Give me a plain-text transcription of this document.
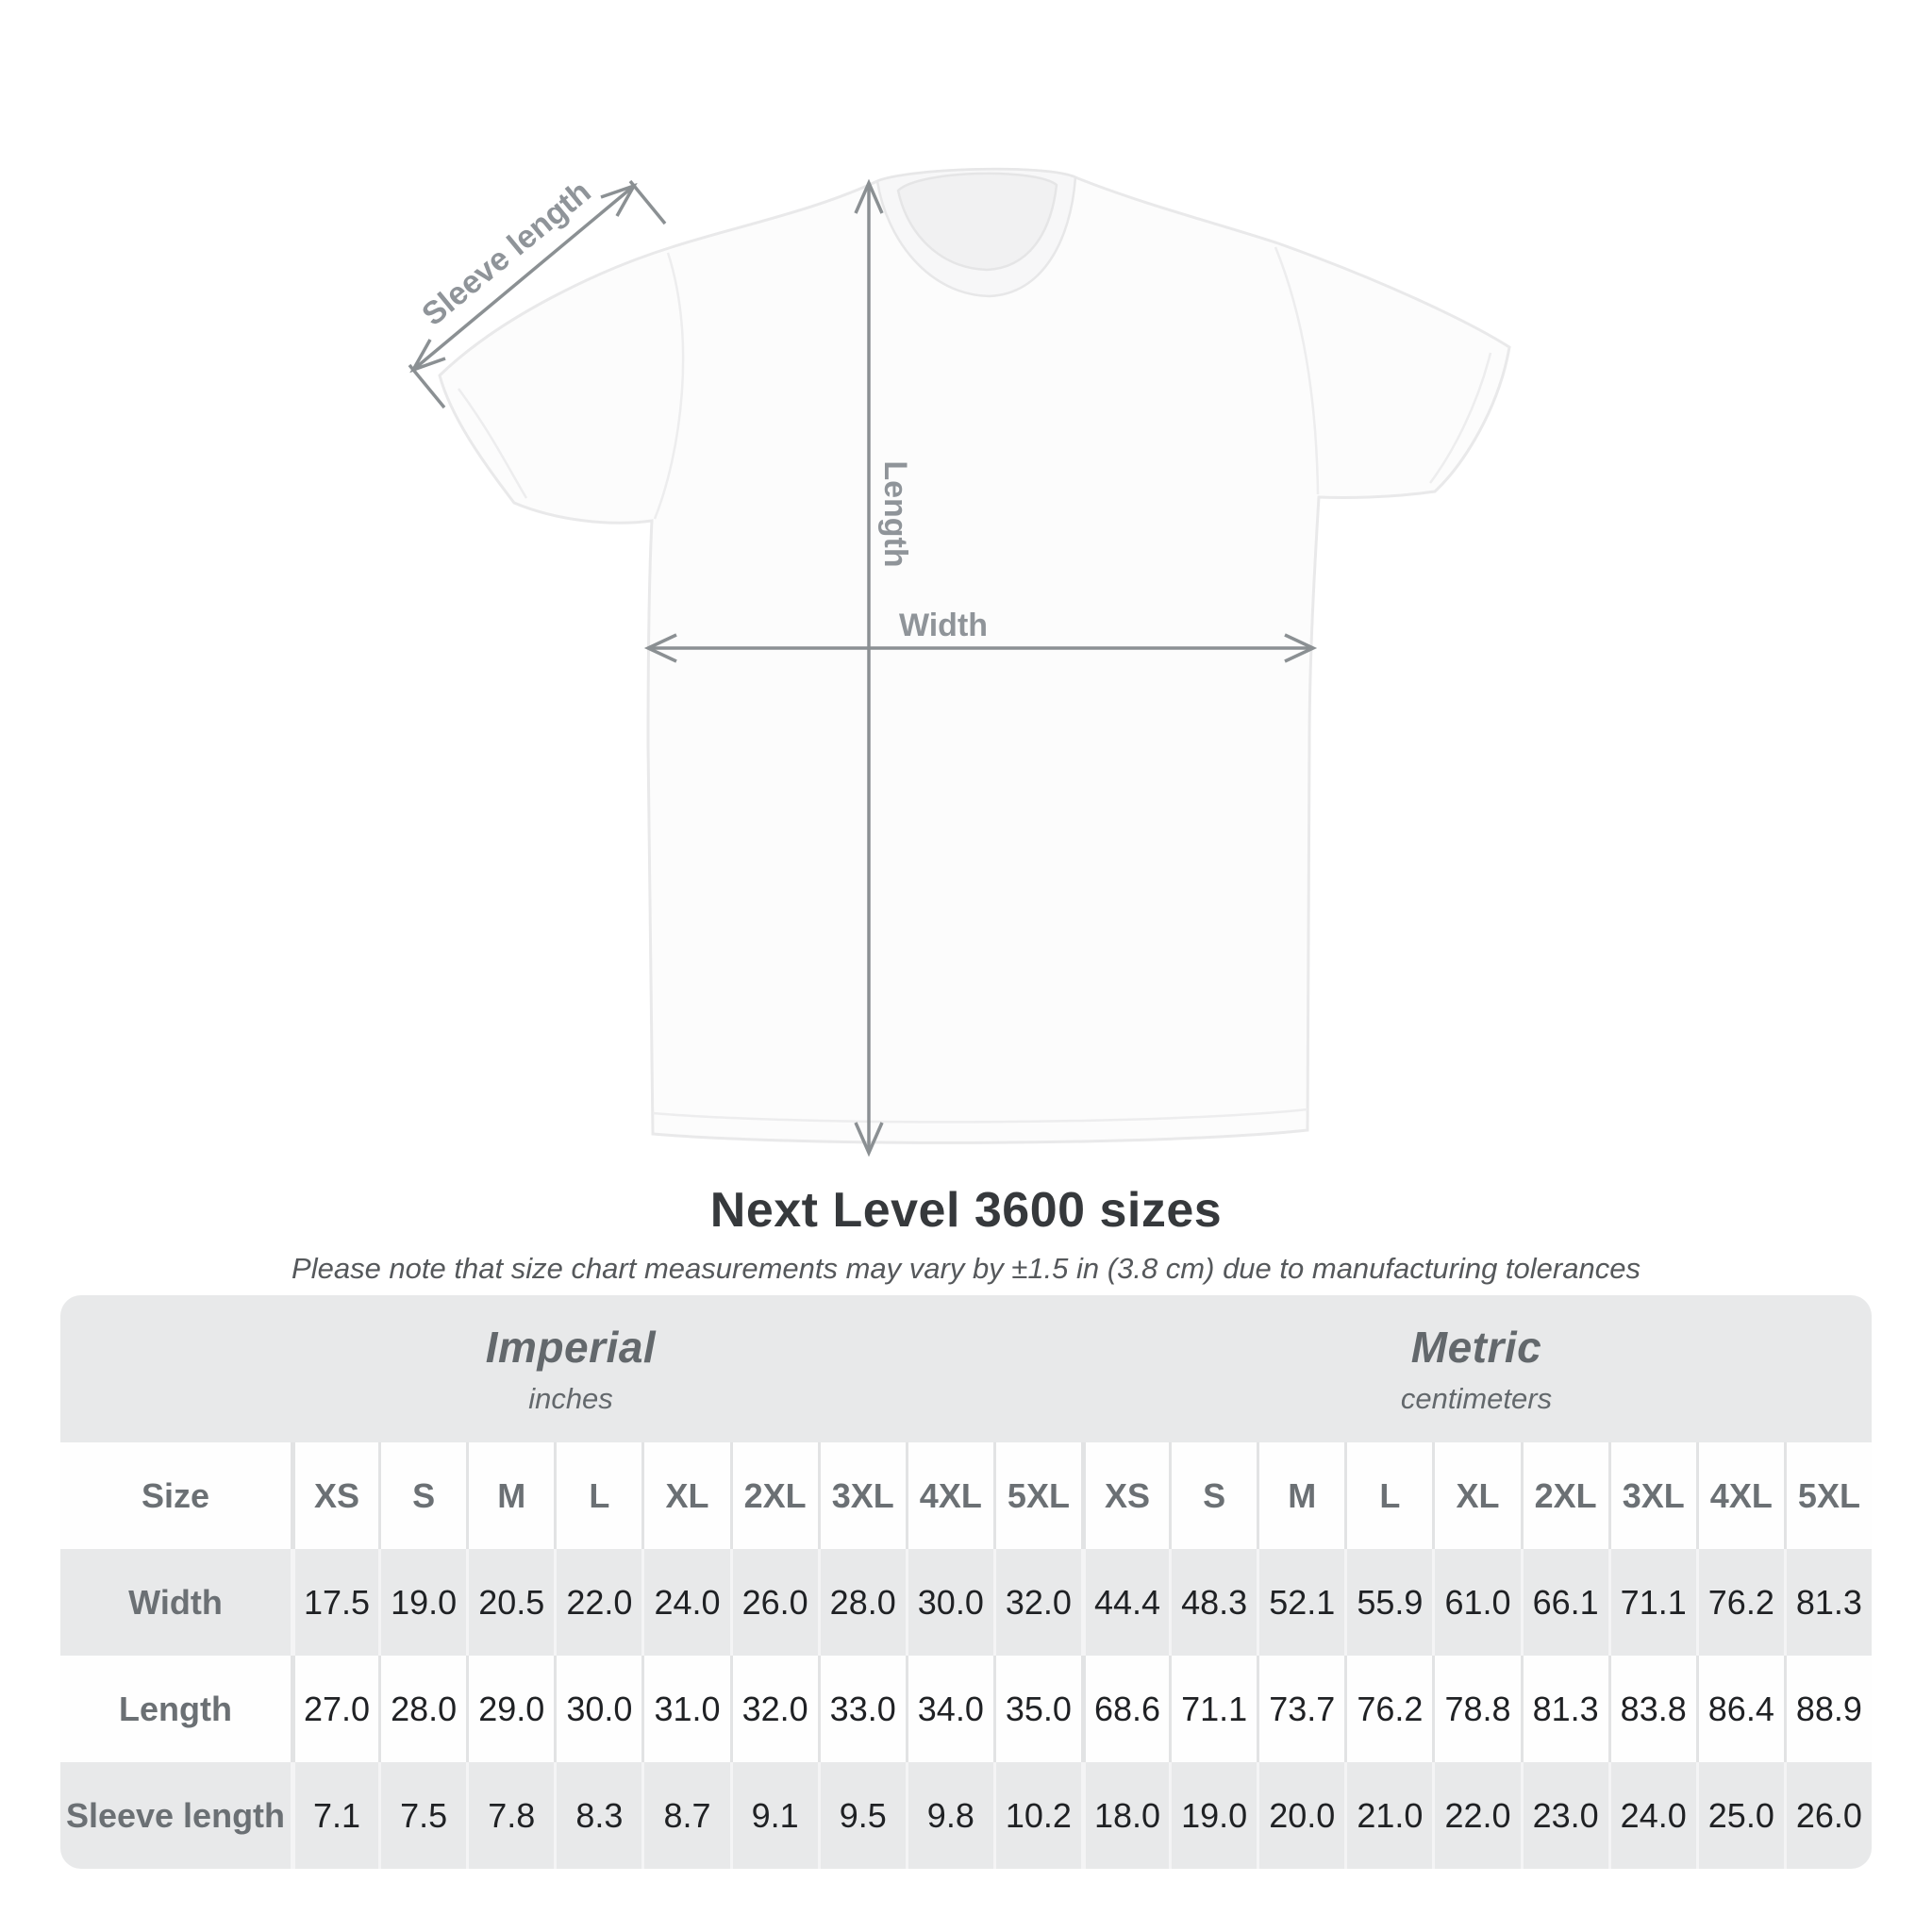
Sleeve length
Length
Width
Next Level 3600 sizes

Please note that size chart measurements may vary by ±1.5 in (3.8 cm) due to manufacturing tolerances

Imperial
inches
Metric
centimeters
Size	XS	S	M	L	XL	2XL 3XL 4XL 5XL	XS	S	M	L	XL	2XL 3XL 4XL 5XL
Width	17.5 19.0 20.5 22.0 24.0 26.0 28.0 30.0 32.0 44.4 48.3 52.1 55.9 61.0 66.1 71.1 76.2 81.3
Length	27.0 28.0 29.0 30.0 31.0 32.0 33.0 34.0 35.0 68.6 71.1 73.7 76.2 78.8 81.3 83.8 86.4 88.9
Sleeve length 7.1	7.5	7.8	8.3	8.7	9.1	9.5	9.8 10.2 18.0 19.0 20.0 21.0 22.0 23.0 24.0 25.0 26.0
